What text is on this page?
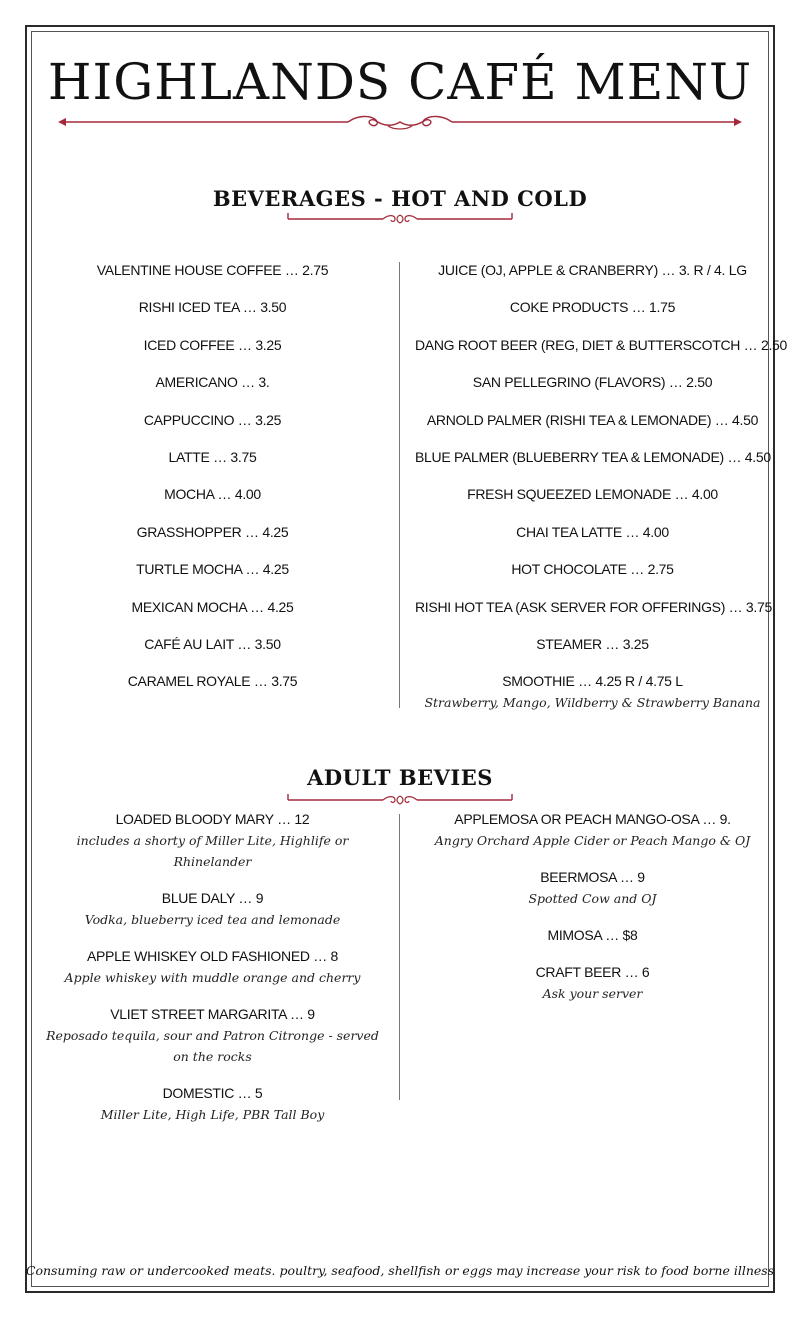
HIGHLANDS CAFÉ MENU
BEVERAGES - HOT AND COLD
VALENTINE HOUSE COFFEE … 2.75
RISHI ICED TEA … 3.50
ICED COFFEE … 3.25
AMERICANO … 3.
CAPPUCCINO … 3.25
LATTE … 3.75
MOCHA … 4.00
GRASSHOPPER … 4.25
TURTLE MOCHA … 4.25
MEXICAN MOCHA … 4.25
CAFÉ AU LAIT … 3.50
CARAMEL ROYALE … 3.75
JUICE (OJ, APPLE & CRANBERRY) … 3. R / 4. LG
COKE PRODUCTS … 1.75
DANG ROOT BEER (REG, DIET & BUTTERSCOTCH … 2.50
SAN PELLEGRINO (FLAVORS) … 2.50
ARNOLD PALMER (RISHI TEA & LEMONADE) … 4.50
BLUE PALMER (BLUEBERRY TEA & LEMONADE) … 4.50
FRESH SQUEEZED LEMONADE … 4.00
CHAI TEA LATTE … 4.00
HOT CHOCOLATE … 2.75
RISHI HOT TEA (ASK SERVER FOR OFFERINGS) … 3.75
STEAMER … 3.25
SMOOTHIE … 4.25 R / 4.75 L
Strawberry, Mango, Wildberry & Strawberry Banana
ADULT BEVIES
LOADED BLOODY MARY … 12
includes a shorty of Miller Lite, Highlife or Rhinelander
BLUE DALY … 9
Vodka, blueberry iced tea and lemonade
APPLE WHISKEY OLD FASHIONED … 8
Apple whiskey with muddle orange and cherry
VLIET STREET MARGARITA … 9
Reposado tequila, sour and Patron Citronge - served on the rocks
DOMESTIC … 5
Miller Lite, High Life, PBR Tall Boy
APPLEMOSA OR PEACH MANGO-OSA … 9.
Angry Orchard Apple Cider or Peach Mango & OJ
BEERMOSA … 9
Spotted Cow and OJ
MIMOSA … $8
CRAFT BEER … 6
Ask your server
Consuming raw or undercooked meats. poultry, seafood, shellfish or eggs may increase your risk to food borne illness
